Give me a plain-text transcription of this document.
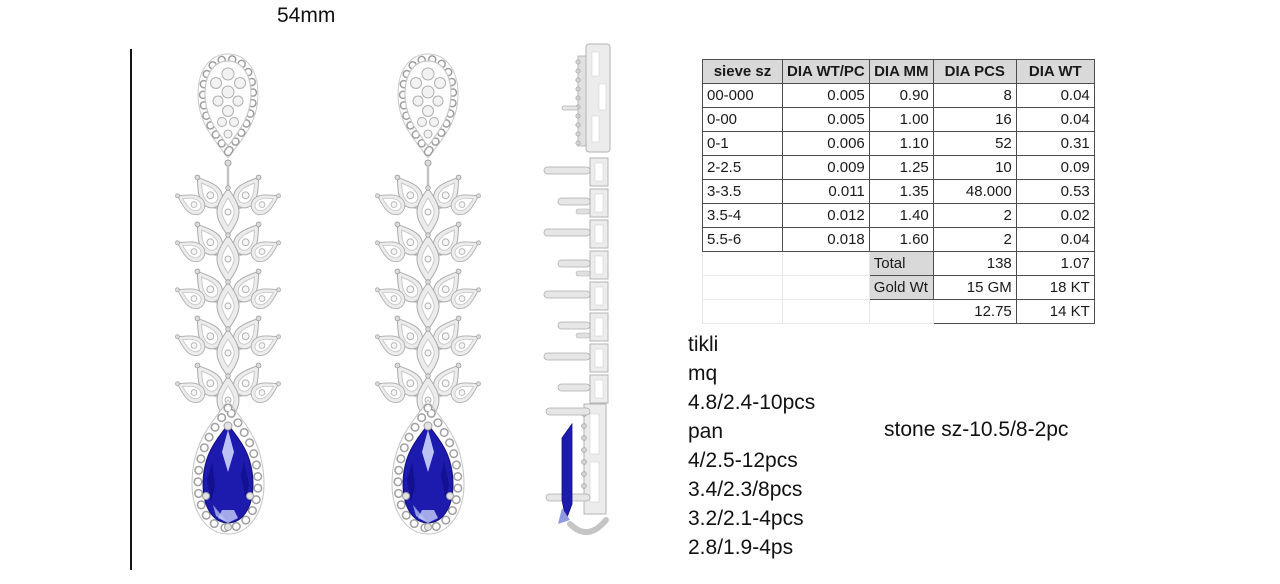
54mm
sieve sz	DIA WT/PC	DIA MM	DIA PCS	DIA WT
00-000	0.005	0.90	8	0.04
0-00	0.005	1.00	16	0.04
0-1	0.006	1.10	52	0.31
2-2.5	0.009	1.25	10	0.09
3-3.5	0.011	1.35	48.000	0.53
3.5-4	0.012	1.40	2	0.02
5.5-6	0.018	1.60	2	0.04
		Total	138	1.07
		Gold Wt	15 GM	18 KT
			12.75	14 KT
tikli
mq
4.8/2.4-10pcs
pan
4/2.5-12pcs
3.4/2.3/8pcs
3.2/2.1-4pcs
2.8/1.9-4ps
stone sz-10.5/8-2pc
